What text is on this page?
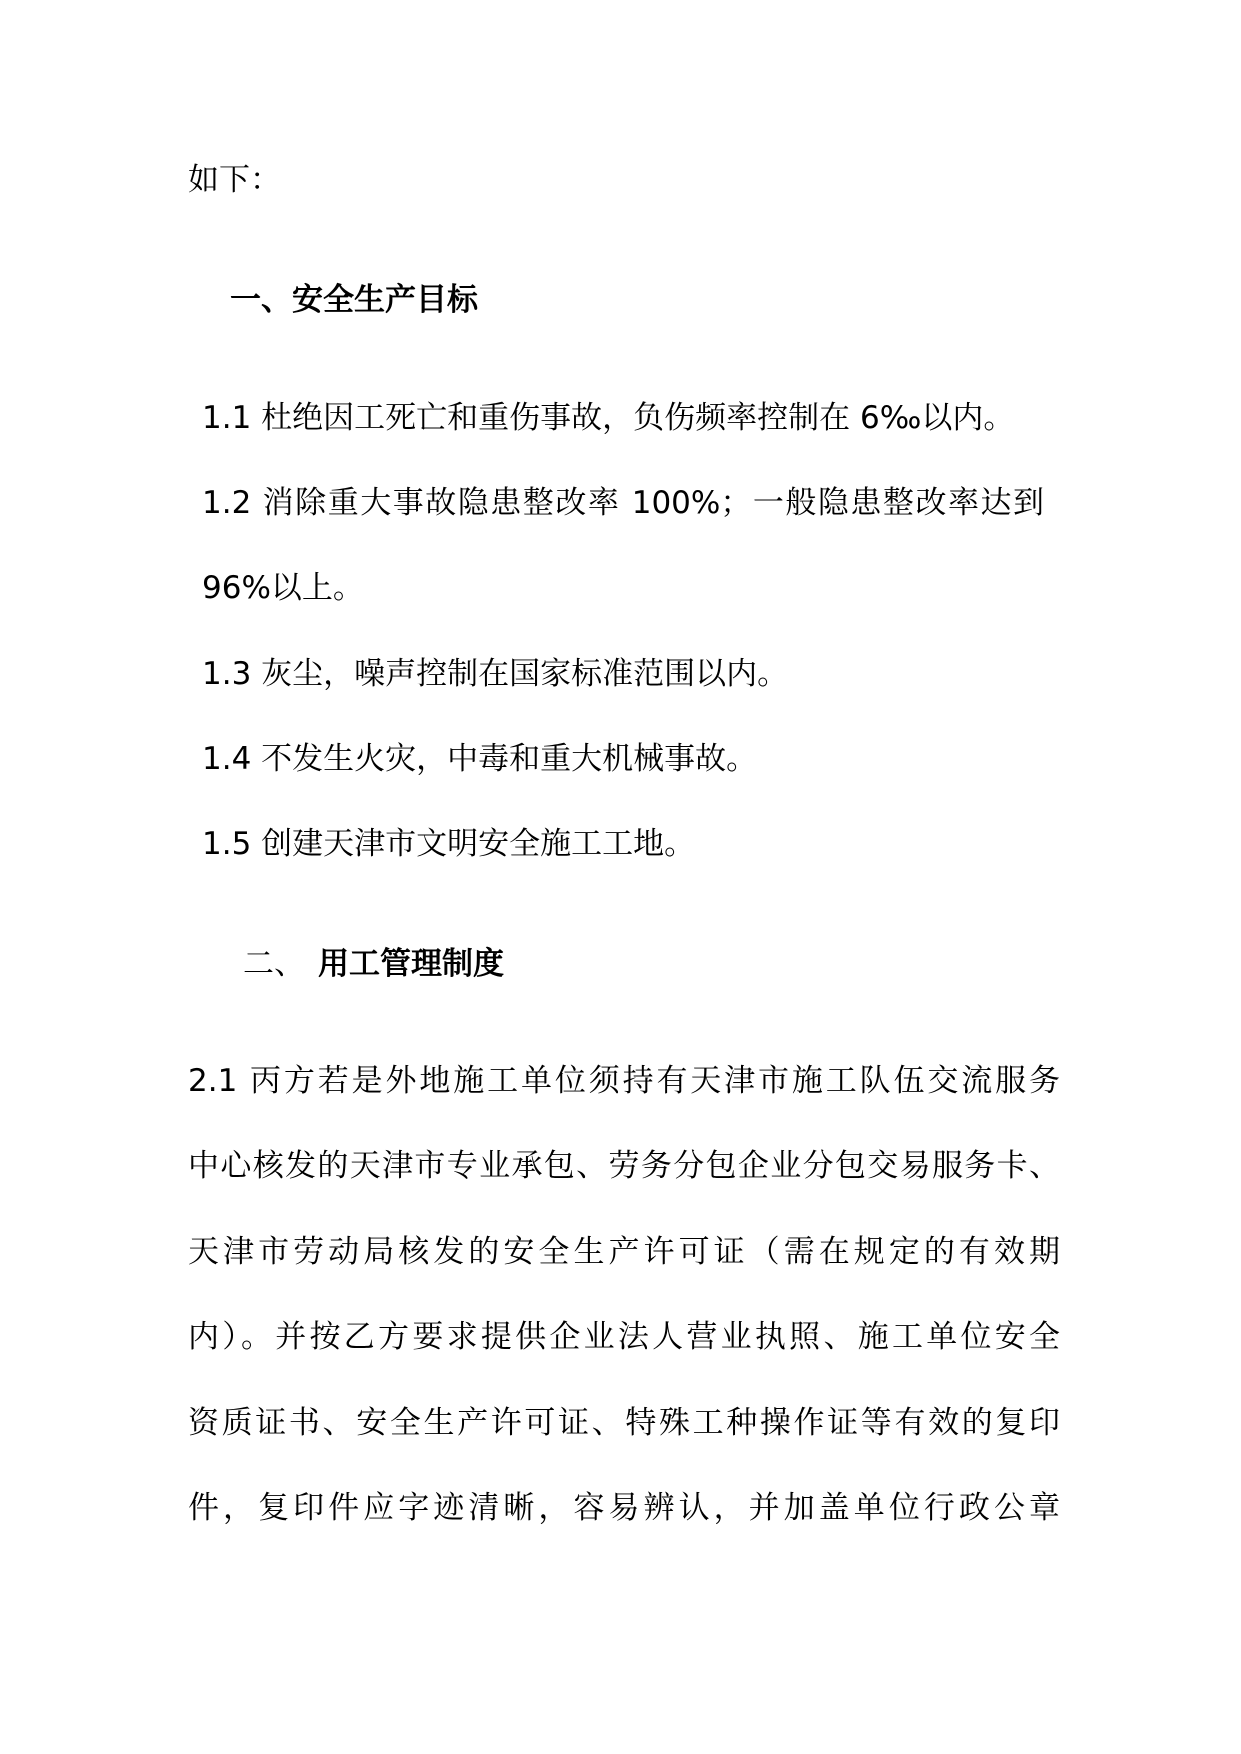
如下：
一、安全生产目标
1.1 杜绝因工死亡和重伤事故，负伤频率控制在 6‰以内。
1.2 消除重大事故隐患整改率 100%；一般隐患整改率达到
96%以上。
1.3 灰尘，噪声控制在国家标准范围以内。
1.4 不发生火灾，中毒和重大机械事故。
1.5 创建天津市文明安全施工工地。
二、 用工管理制度
2.1 丙方若是外地施工单位须持有天津市施工队伍交流服务
中心核发的天津市专业承包、劳务分包企业分包交易服务卡、
天津市劳动局核发的安全生产许可证（需在规定的有效期
内）。并按乙方要求提供企业法人营业执照、施工单位安全
资质证书、安全生产许可证、特殊工种操作证等有效的复印
件，复印件应字迹清晰，容易辨认，并加盖单位行政公章
